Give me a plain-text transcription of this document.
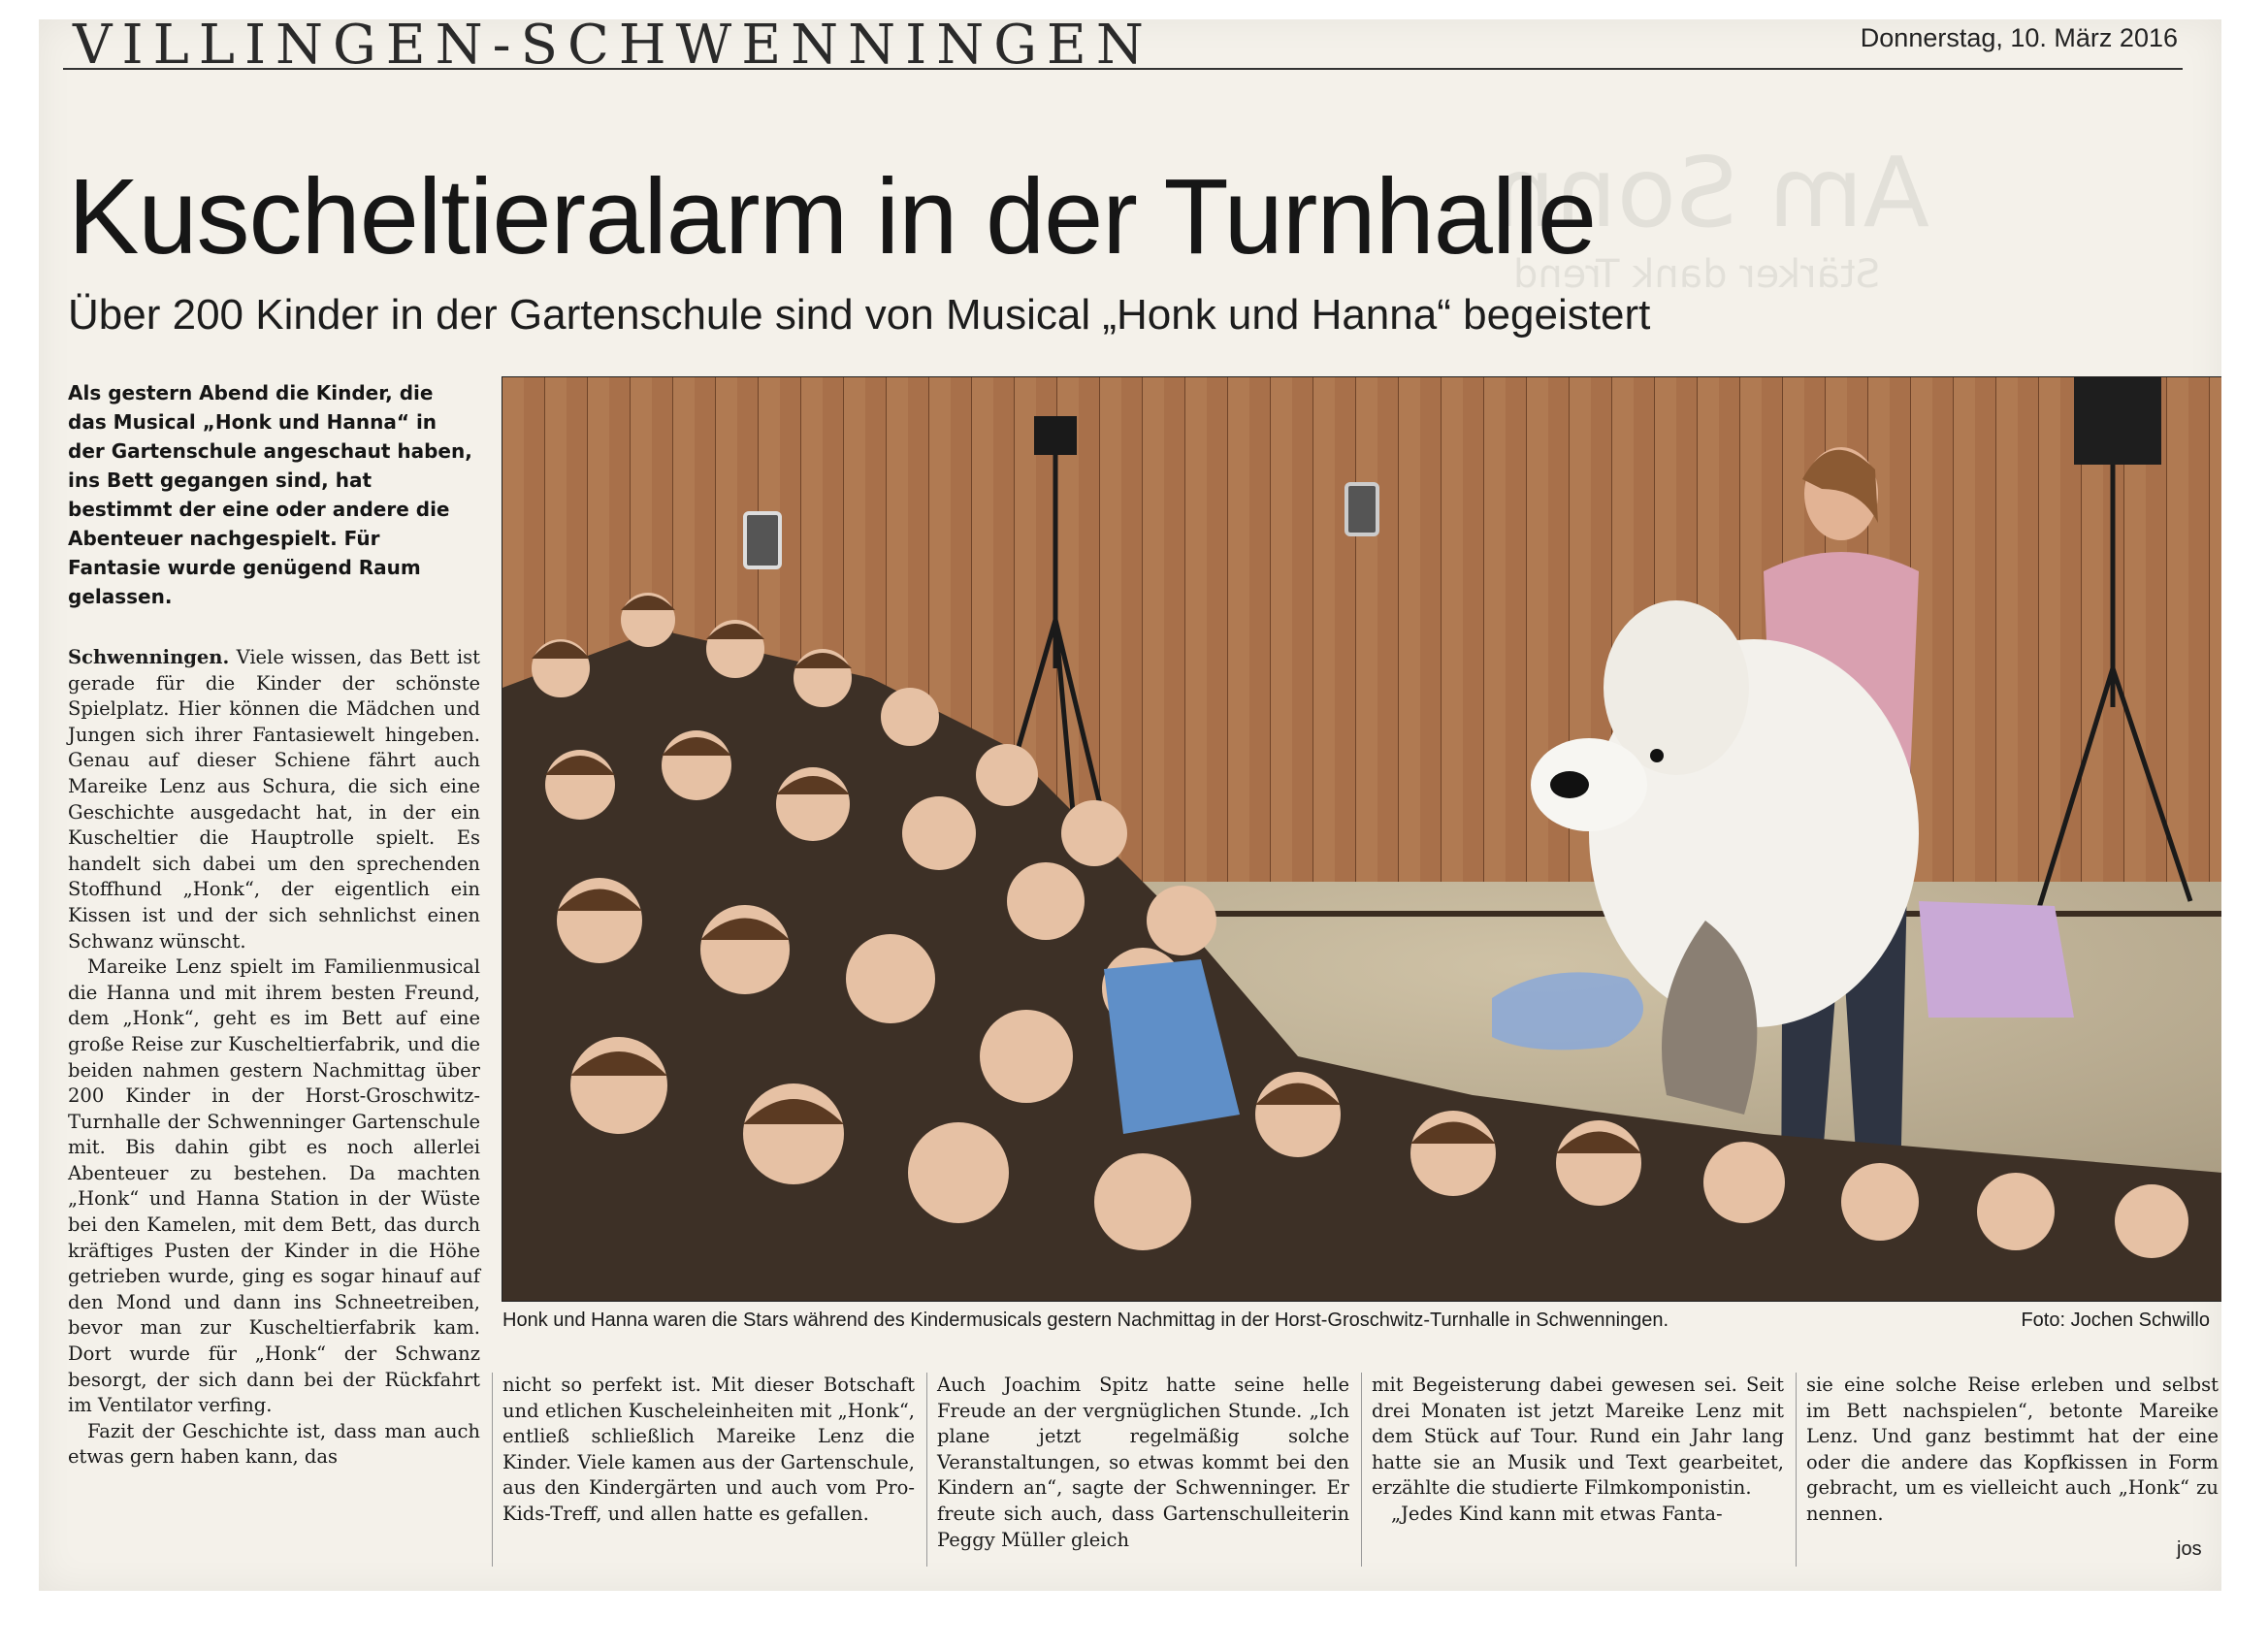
Am Sonn
Stärker dank Trend
VILLINGEN-SCHWENNINGEN	Donnerstag, 10. März 2016
Kuscheltieralarm in der Turnhalle
Über 200 Kinder in der Gartenschule sind von Musical „Honk und Hanna“ begeistert
Als gestern Abend die Kinder, die das Musical „Honk und Hanna“ in der Gartenschule angeschaut haben, ins Bett gegangen sind, hat bestimmt der eine oder andere die Abenteuer nachgespielt. Für Fantasie wurde genügend Raum gelassen.

Schwenningen. Viele wissen, das Bett ist gerade für die Kinder der schönste Spielplatz. Hier können die Mädchen und Jungen sich ihrer Fantasiewelt hingeben. Genau auf dieser Schiene fährt auch Mareike Lenz aus Schura, die sich eine Geschichte ausgedacht hat, in der ein Kuscheltier die Hauptrolle spielt. Es handelt sich dabei um den sprechenden Stoffhund „Honk“, der eigentlich ein Kissen ist und der sich sehnlichst einen Schwanz wünscht.

Mareike Lenz spielt im Familienmusical die Hanna und mit ihrem besten Freund, dem „Honk“, geht es im Bett auf eine große Reise zur Kuscheltierfabrik, und die beiden nahmen gestern Nachmittag über 200 Kinder in der Horst-Groschwitz-Turnhalle der Schwenninger Gartenschule mit. Bis dahin gibt es noch allerlei Abenteuer zu bestehen. Da machten „Honk“ und Hanna Station in der Wüste bei den Kamelen, mit dem Bett, das durch kräftiges Pusten der Kinder in die Höhe getrieben wurde, ging es sogar hinauf auf den Mond und dann ins Schneetreiben, bevor man zur Kuscheltierfabrik kam. Dort wurde für „Honk“ der Schwanz besorgt, der sich dann bei der Rückfahrt im Ventilator verfing.

Fazit der Geschichte ist, dass man auch etwas gern haben kann, das

Honk und Hanna waren die Stars während des Kindermusicals gestern Nachmittag in der Horst-Groschwitz-Turnhalle in Schwenningen.	Foto: Jochen Schwillo

nicht so perfekt ist. Mit dieser Botschaft und etlichen Kuscheleinheiten mit „Honk“, entließ schließlich Mareike Lenz die Kinder. Viele kamen aus der Gartenschule, aus den Kindergärten und auch vom Pro-Kids-Treff, und allen hatte es gefallen.

Auch Joachim Spitz hatte seine helle Freude an der vergnüglichen Stunde. „Ich plane jetzt regelmäßig solche Veranstaltungen, so etwas kommt bei den Kindern an“, sagte der Schwenninger. Er freute sich auch, dass Gartenschulleiterin Peggy Müller gleich

mit Begeisterung dabei gewesen sei. Seit drei Monaten ist jetzt Mareike Lenz mit dem Stück auf Tour. Rund ein Jahr lang hatte sie an Musik und Text gearbeitet, erzählte die studierte Filmkomponistin.

„Jedes Kind kann mit etwas Fanta-

sie eine solche Reise erleben und selbst im Bett nachspielen“, betonte Mareike Lenz. Und ganz bestimmt hat der eine oder die andere das Kopfkissen in Form gebracht, um es vielleicht auch „Honk“ zu nennen.

jos
